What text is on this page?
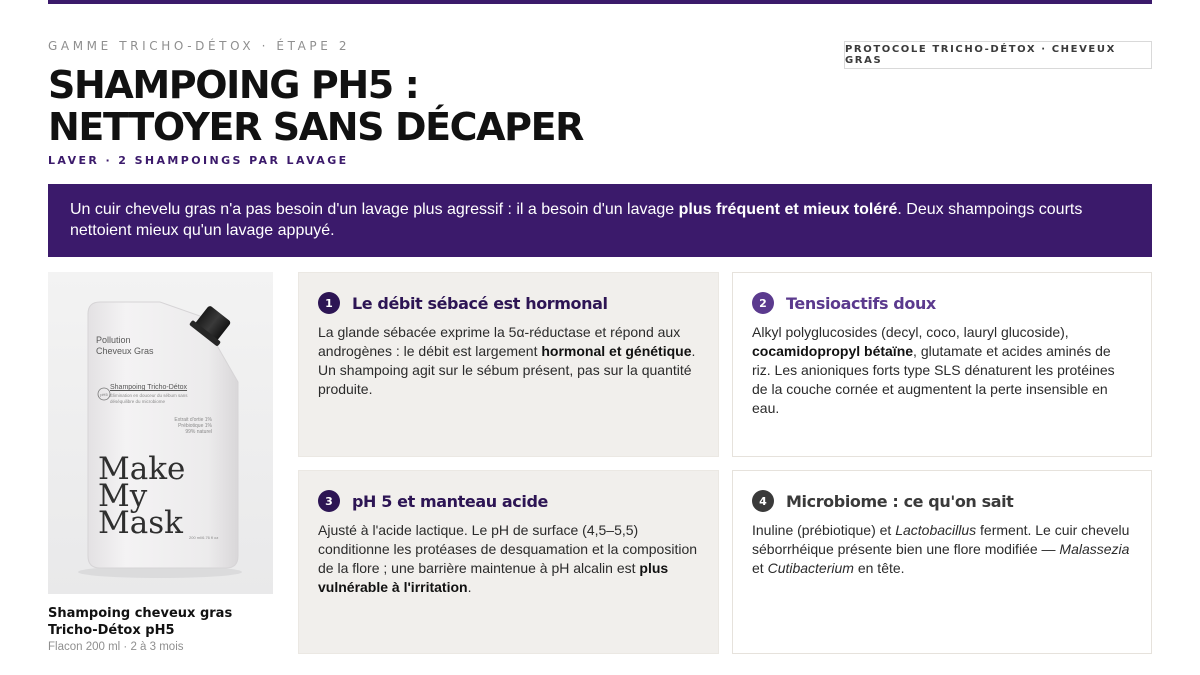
GAMME TRICHO-DÉTOX · ÉTAPE 2	PROTOCOLE TRICHO-DÉTOX · CHEVEUX GRAS
SHAMPOING PH5 :
NETTOYER SANS DÉCAPER
LAVER · 2 SHAMPOINGS PAR LAVAGE
Un cuir chevelu gras n'a pas besoin d'un lavage plus agressif : il a besoin d'un lavage plus fréquent et mieux toléré. Deux shampoings courts nettoient mieux qu'un lavage appuyé.
pH5
Pollution
Cheveux Gras
Shampoing Tricho-Détox
Élimination en douceur du sébum sans déséquilibre du microbiome
Extrait d'ortie 1%
Prébiotique 1%
99% naturel
Make
My
Mask	200 ml/6.76 fl oz
Shampoing cheveux gras Tricho-Détox pH5
Flacon 200 ml · 2 à 3 mois
1	Le débit sébacé est hormonal

La glande sébacée exprime la 5α-réductase et répond aux androgènes : le débit est largement hormonal et génétique. Un shampoing agit sur le sébum présent, pas sur la quantité produite.

2	Tensioactifs doux

Alkyl polyglucosides (decyl, coco, lauryl glucoside), cocamidopropyl bétaïne, glutamate et acides aminés de riz. Les anioniques forts type SLS dénaturent les protéines de la couche cornée et augmentent la perte insensible en eau.

3	pH 5 et manteau acide

Ajusté à l'acide lactique. Le pH de surface (4,5–5,5) conditionne les protéases de desquamation et la composition de la flore ; une barrière maintenue à pH alcalin est plus vulnérable à l'irritation.

4	Microbiome : ce qu'on sait

Inuline (prébiotique) et Lactobacillus ferment. Le cuir chevelu séborrhéique présente bien une flore modifiée — Malassezia et Cutibacterium en tête.
